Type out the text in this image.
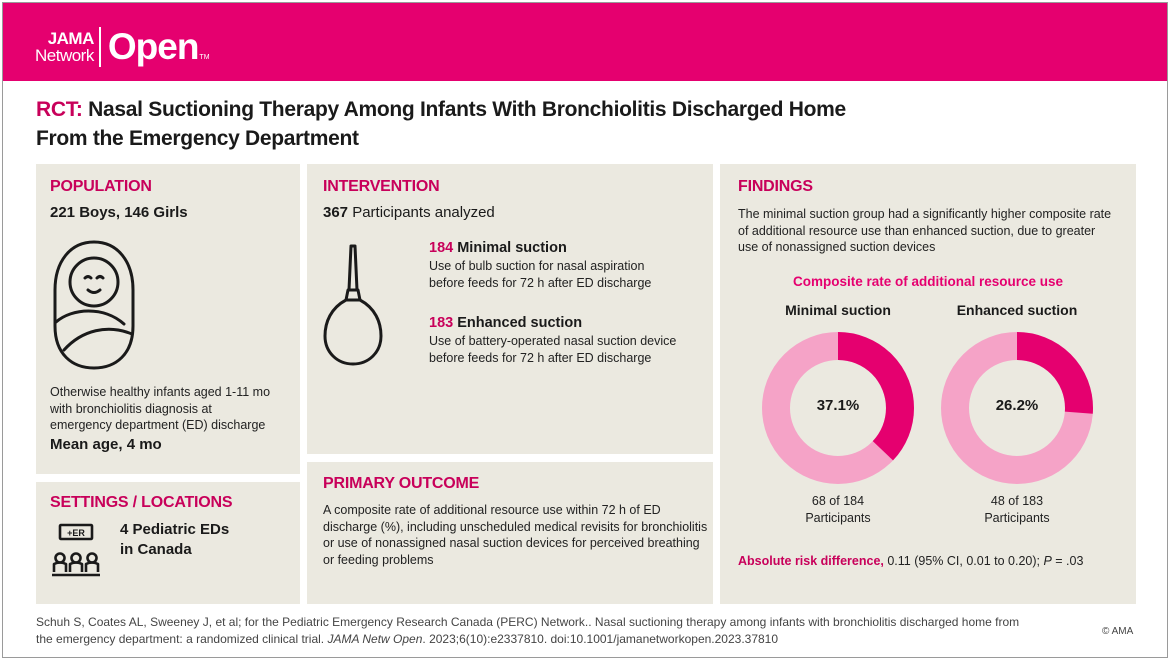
JAMA
Network Open TM
RCT: Nasal Suctioning Therapy Among Infants With Bronchiolitis Discharged Home
From the Emergency Department
POPULATION
221 Boys, 146 Girls
Otherwise healthy infants aged 1-11 mo
with bronchiolitis diagnosis at
emergency department (ED) discharge
Mean age, 4 mo
SETTINGS / LOCATIONS
+ER 4 Pediatric EDs
in Canada
INTERVENTION
367 Participants analyzed
184 Minimal suction
Use of bulb suction for nasal aspiration
before feeds for 72 h after ED discharge
183 Enhanced suction
Use of battery-operated nasal suction device
before feeds for 72 h after ED discharge
PRIMARY OUTCOME
A composite rate of additional resource use within 72 h of ED
discharge (%), including unscheduled medical revisits for bronchiolitis
or use of nonassigned nasal suction devices for perceived breathing
or feeding problems
FINDINGS
The minimal suction group had a significantly higher composite rate
of additional resource use than enhanced suction, due to greater
use of nonassigned suction devices
Composite rate of additional resource use
Minimal suction	Enhanced suction
37.1%	26.2%
68 of 184
Participants
48 of 183
Participants
Absolute risk difference, 0.11 (95% CI, 0.01 to 0.20); P = .03
Schuh S, Coates AL, Sweeney J, et al; for the Pediatric Emergency Research Canada (PERC) Network.. Nasal suctioning therapy among infants with bronchiolitis discharged home from
the emergency department: a randomized clinical trial. JAMA Netw Open. 2023;6(10):e2337810. doi:10.1001/jamanetworkopen.2023.37810
© AMA
